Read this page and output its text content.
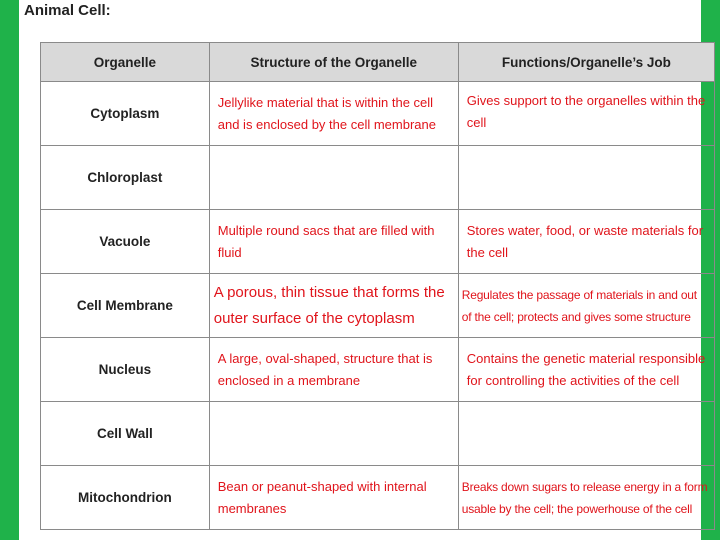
Animal Cell:
Organelle	Structure of the Organelle	Functions/Organelle’s Job
Cytoplasm	Jellylike material that is within the cell and is enclosed by the cell membrane	Gives support to the organelles within the cell
Chloroplast		
Vacuole	Multiple round sacs that are filled with fluid	Stores water, food, or waste materials for the cell
Cell Membrane	A porous, thin tissue that forms the outer surface of the cytoplasm	Regulates the passage of materials in and out of the cell; protects and gives some structure
Nucleus	A large, oval-shaped, structure that is enclosed in a membrane	Contains the genetic material responsible for controlling the activities of the cell
Cell Wall		
Mitochondrion	Bean or peanut-shaped with internal membranes	Breaks down sugars to release energy in a form usable by the cell; the powerhouse of the cell
